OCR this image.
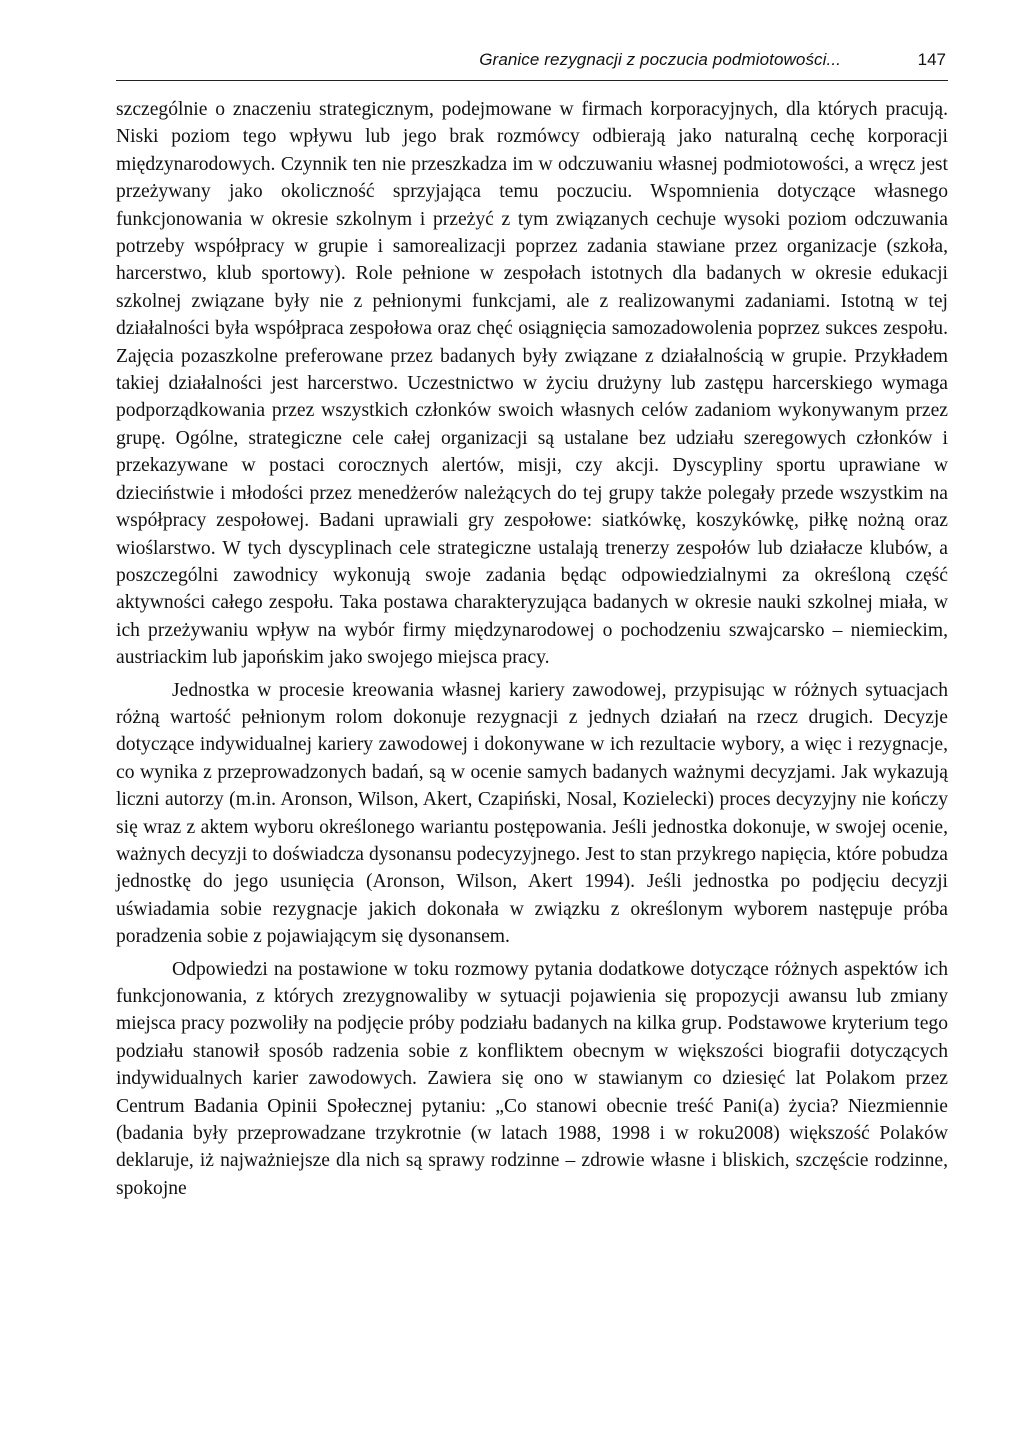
Granice rezygnacji z poczucia podmiotowości...	147

szczególnie o znaczeniu strategicznym, podejmowane w firmach korporacyjnych, dla których pracują. Niski poziom tego wpływu lub jego brak rozmówcy odbierają jako naturalną cechę korporacji międzynarodowych. Czynnik ten nie przeszkadza im w odczuwaniu własnej podmiotowości, a wręcz jest przeżywany jako okoliczność sprzyjająca temu poczuciu. Wspomnienia dotyczące własnego funkcjonowania w okresie szkolnym i przeżyć z tym związanych cechuje wysoki poziom odczuwania potrzeby współpracy w grupie i samorealizacji poprzez zadania stawiane przez organizacje (szkoła, harcerstwo, klub sportowy). Role pełnione w zespołach istotnych dla badanych w okresie edukacji szkolnej związane były nie z pełnionymi funkcjami, ale z realizowanymi zadaniami. Istotną w tej działalności była współpraca zespołowa oraz chęć osiągnięcia samozadowolenia poprzez sukces zespołu. Zajęcia pozaszkolne preferowane przez badanych były związane z działalnością w grupie. Przykładem takiej działalności jest harcerstwo. Uczestnictwo w życiu drużyny lub zastępu harcerskiego wymaga podporządkowania przez wszystkich członków swoich własnych celów zadaniom wykonywanym przez grupę. Ogólne, strategiczne cele całej organizacji są ustalane bez udziału szeregowych członków i przekazywane w postaci corocznych alertów, misji, czy akcji. Dyscypliny sportu uprawiane w dzieciństwie i młodości przez menedżerów należących do tej grupy także polegały przede wszystkim na współpracy zespołowej. Badani uprawiali gry zespołowe: siatkówkę, koszykówkę, piłkę nożną oraz wioślarstwo. W tych dyscyplinach cele strategiczne ustalają trenerzy zespołów lub działacze klubów, a poszczególni zawodnicy wykonują swoje zadania będąc odpowiedzialnymi za określoną część aktywności całego zespołu. Taka postawa charakteryzująca badanych w okresie nauki szkolnej miała, w ich przeżywaniu wpływ na wybór firmy międzynarodowej o pochodzeniu szwajcarsko – niemieckim, austriackim lub japońskim jako swojego miejsca pracy.

Jednostka w procesie kreowania własnej kariery zawodowej, przypisując w różnych sytuacjach różną wartość pełnionym rolom dokonuje rezygnacji z jednych działań na rzecz drugich. Decyzje dotyczące indywidualnej kariery zawodowej i dokonywane w ich rezultacie wybory, a więc i rezygnacje, co wynika z przeprowadzonych badań, są w ocenie samych badanych ważnymi decyzjami. Jak wykazują liczni autorzy (m.in. Aronson, Wilson, Akert, Czapiński, Nosal, Kozielecki) proces decyzyjny nie kończy się wraz z aktem wyboru określonego wariantu postępowania. Jeśli jednostka dokonuje, w swojej ocenie, ważnych decyzji to doświadcza dysonansu podecyzyjnego. Jest to stan przykrego napięcia, które pobudza jednostkę do jego usunięcia (Aronson, Wilson, Akert 1994). Jeśli jednostka po podjęciu decyzji uświadamia sobie rezygnacje jakich dokonała w związku z określonym wyborem następuje próba poradzenia sobie z pojawiającym się dysonansem.

Odpowiedzi na postawione w toku rozmowy pytania dodatkowe dotyczące różnych aspektów ich funkcjonowania, z których zrezygnowaliby w sytuacji pojawienia się propozycji awansu lub zmiany miejsca pracy pozwoliły na podjęcie próby podziału badanych na kilka grup. Podstawowe kryterium tego podziału stanowił sposób radzenia sobie z konfliktem obecnym w większości biografii dotyczących indywidualnych karier zawodowych. Zawiera się ono w stawianym co dziesięć lat Polakom przez Centrum Badania Opinii Społecznej pytaniu: „Co stanowi obecnie treść Pani(a) życia? Niezmiennie (badania były przeprowadzane trzykrotnie (w latach 1988, 1998 i w roku2008) większość Polaków deklaruje, iż najważniejsze dla nich są sprawy rodzinne – zdrowie własne i bliskich, szczęście rodzinne, spokojne
